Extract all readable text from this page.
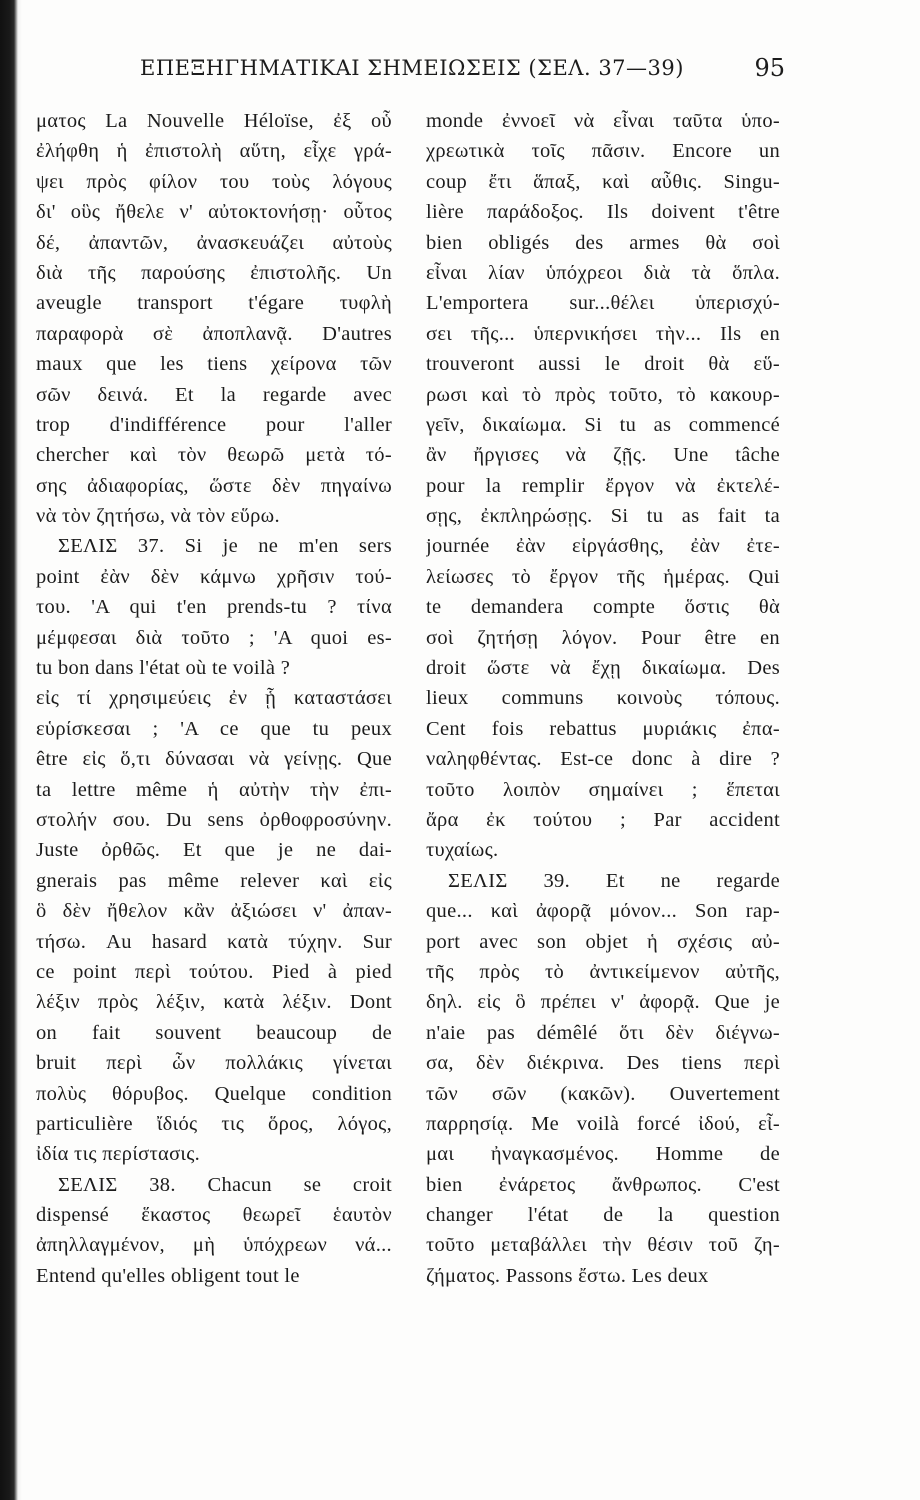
ΕΠΕΞΗΓΗΜΑΤΙΚΑΙ ΣΗΜΕΙΩΣΕΙΣ (ΣΕΛ. 37—39)	95
ματος La Nouvelle Héloïse, ἐξ οὗ
ἐλήφθη ἡ ἐπιστολὴ αὕτη, εἶχε γρά-
ψει πρὸς φίλον του τοὺς λόγους
δι' οὓς ἤθελε ν' αὐτοκτονήσῃ· οὗτος
δέ, ἀπαντῶν, ἀνασκευάζει αὐτοὺς
διὰ τῆς παρούσης ἐπιστολῆς. Un
aveugle transport t'égare τυφλὴ
παραφορὰ σὲ ἀποπλανᾷ. D'autres
maux que les tiens χείρονα τῶν
σῶν δεινά. Et la regarde avec
trop d'indifférence pour l'aller
chercher καὶ τὸν θεωρῶ μετὰ τό-
σης ἀδιαφορίας, ὥστε δὲν πηγαίνω
νὰ τὸν ζητήσω, νὰ τὸν εὕρω.
ΣΕΛΙΣ 37. Si je ne m'en sers
point ἐὰν δὲν κάμνω χρῆσιν τού-
του. 'A qui t'en prends-tu ? τίνα
μέμφεσαι διὰ τοῦτο ; 'A quoi es-
tu bon dans l'état où te voilà ?
εἰς τί χρησιμεύεις ἐν ᾗ καταστάσει
εὑρίσκεσαι ; 'A ce que tu peux
être εἰς ὅ,τι δύνασαι νὰ γείνῃς. Que
ta lettre même ἡ αὐτὴν τὴν ἐπι-
στολήν σου. Du sens ὀρθοφροσύνην.
Juste ὀρθῶς. Et que je ne dai-
gnerais pas même relever καὶ εἰς
ὃ δὲν ἤθελον κἂν ἀξιώσει ν' ἀπαν-
τήσω. Au hasard κατὰ τύχην. Sur
ce point περὶ τούτου. Pied à pied
λέξιν πρὸς λέξιν, κατὰ λέξιν. Dont
on fait souvent beaucoup de
bruit περὶ ὧν πολλάκις γίνεται
πολὺς θόρυβος. Quelque condition
particulière ἴδιός τις ὅρος, λόγος,
ἰδία τις περίστασις.
ΣΕΛΙΣ 38. Chacun se croit
dispensé ἕκαστος θεωρεῖ ἑαυτὸν
ἀπηλλαγμένον, μὴ ὑπόχρεων νά...
Entend qu'elles obligent tout le
monde ἐννοεῖ νὰ εἶναι ταῦτα ὑπο-
χρεωτικὰ τοῖς πᾶσιν. Encore un
coup ἔτι ἅπαξ, καὶ αὖθις. Singu-
lière παράδοξος. Ils doivent t'être
bien obligés des armes θὰ σοὶ
εἶναι λίαν ὑπόχρεοι διὰ τὰ ὅπλα.
L'emportera sur...θέλει ὑπερισχύ-
σει τῆς... ὑπερνικήσει τὴν... Ils en
trouveront aussi le droit θὰ εὕ-
ρωσι καὶ τὸ πρὸς τοῦτο, τὸ κακουρ-
γεῖν, δικαίωμα. Si tu as commencé
ἂν ἤργισες νὰ ζῇς. Une tâche
pour la remplir ἔργον νὰ ἐκτελέ-
σῃς, ἐκπληρώσῃς. Si tu as fait ta
journée ἐὰν εἰργάσθης, ἐὰν ἐτε-
λείωσες τὸ ἔργον τῆς ἡμέρας. Qui
te demandera compte ὅστις θὰ
σοὶ ζητήσῃ λόγον. Pour être en
droit ὥστε νὰ ἔχῃ δικαίωμα. Des
lieux communs κοινοὺς τόπους.
Cent fois rebattus μυριάκις ἐπα-
ναληφθέντας. Est-ce donc à dire ?
τοῦτο λοιπὸν σημαίνει ; ἕπεται
ἄρα ἐκ τούτου ; Par accident
τυχαίως.
ΣΕΛΙΣ 39. Et ne regarde
que... καὶ ἀφορᾷ μόνον... Son rap-
port avec son objet ἡ σχέσις αὐ-
τῆς πρὸς τὸ ἀντικείμενον αὐτῆς,
δηλ. εἰς ὃ πρέπει ν' ἀφορᾷ. Que je
n'aie pas démêlé ὅτι δὲν διέγνω-
σα, δὲν διέκρινα. Des tiens περὶ
τῶν σῶν (κακῶν). Ouvertement
παρρησίᾳ. Me voilà forcé ἰδού, εἶ-
μαι ἠναγκασμένος. Homme de
bien ἐνάρετος ἄνθρωπος. C'est
changer l'état de la question
τοῦτο μεταβάλλει τὴν θέσιν τοῦ ζη-
ζήματος. Passons ἔστω. Les deux
